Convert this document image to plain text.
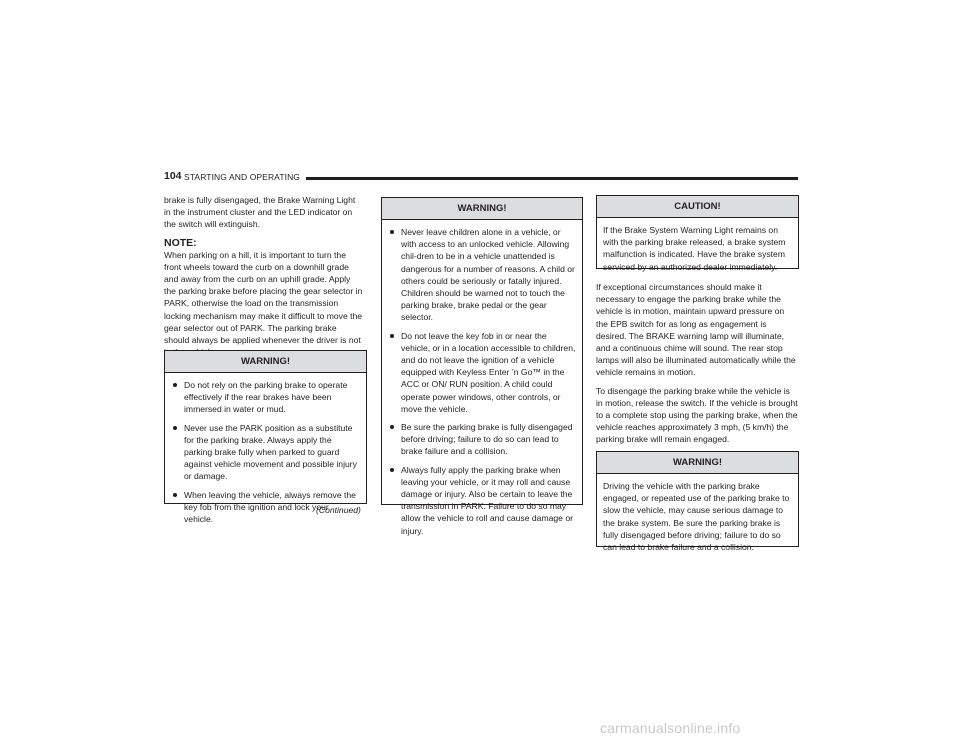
104 STARTING AND OPERATING

brake is fully disengaged, the Brake Warning Light in the instrument cluster and the LED indicator on the switch will extinguish.

NOTE:

When parking on a hill, it is important to turn the front wheels toward the curb on a downhill grade and away from the curb on an uphill grade. Apply the parking brake before placing the gear selector in PARK, otherwise the load on the transmission locking mechanism may make it difficult to move the gear selector out of PARK. The parking brake should always be applied whenever the driver is not

WARNING!
Do not rely on the parking brake to operate effectively if the rear brakes have been immersed in water or mud.
Never use the PARK position as a substitute for the parking brake. Always apply the parking brake fully when parked to guard against vehicle movement and possible injury or damage.
When leaving the vehicle, always remove the key fob from the ignition and lock your vehicle.
(Continued)
WARNING!
Never leave children alone in a vehicle, or with access to an unlocked vehicle. Allowing chil-dren to be in a vehicle unattended is dangerous for a number of reasons. A child or others could be seriously or fatally injured. Children should be warned not to touch the parking brake, brake pedal or the gear selector.
Do not leave the key fob in or near the vehicle, or in a location accessible to children, and do not leave the ignition of a vehicle equipped with Keyless Enter ’n Go™ in the ACC or ON/ RUN position. A child could operate power windows, other controls, or move the vehicle.
Be sure the parking brake is fully disengaged before driving; failure to do so can lead to brake failure and a collision.
Always fully apply the parking brake when leaving your vehicle, or it may roll and cause damage or injury. Also be certain to leave the transmission in PARK. Failure to do so may allow the vehicle to roll and cause damage or injury.
CAUTION!
If the Brake System Warning Light remains on with the parking brake released, a brake system malfunction is indicated. Have the brake system serviced by an authorized dealer immediately.

If exceptional circumstances should make it necessary to engage the parking brake while the vehicle is in motion, maintain upward pressure on the EPB switch for as long as engagement is desired. The BRAKE warning lamp will illuminate, and a continuous chime will sound. The rear stop lamps will also be illuminated automatically while the vehicle remains in motion.

To disengage the parking brake while the vehicle is in motion, release the switch. If the vehicle is brought to a complete stop using the parking brake, when the vehicle reaches approximately 3 mph, (5 km/h) the parking brake will remain engaged.

WARNING!
Driving the vehicle with the parking brake engaged, or repeated use of the parking brake to slow the vehicle, may cause serious damage to the brake system. Be sure the parking brake is fully disengaged before driving; failure to do so can lead to brake failure and a collision.
carmanualsonline.info
